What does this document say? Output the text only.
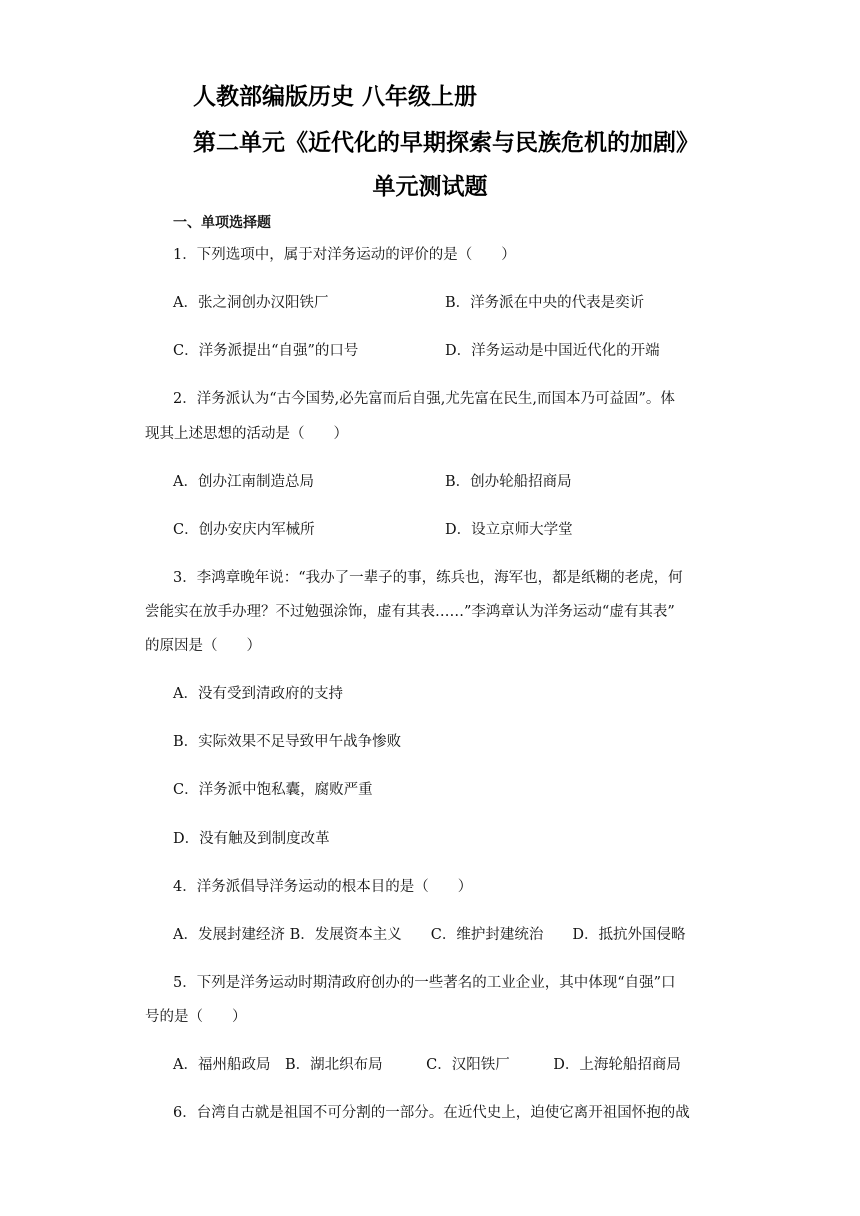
人教部编版历史 八年级上册
第二单元《近代化的早期探索与民族危机的加剧》
单元测试题
一、单项选择题
1．下列选项中，属于对洋务运动的评价的是（　　）
A．张之洞创办汉阳铁厂	B．洋务派在中央的代表是奕䜣
C．洋务派提出“自强”的口号	D．洋务运动是中国近代化的开端
2．洋务派认为“古今国势,必先富而后自强,尤先富在民生,而国本乃可益固”。体
现其上述思想的活动是（　　）
A．创办江南制造总局	B．创办轮船招商局
C．创办安庆内军械所	D．设立京师大学堂
3．李鸿章晚年说：“我办了一辈子的事，练兵也，海军也，都是纸糊的老虎，何
尝能实在放手办理？不过勉强涂饰，虚有其表……”李鸿章认为洋务运动“虚有其表”
的原因是（　　）
A．没有受到清政府的支持
B．实际效果不足导致甲午战争惨败
C．洋务派中饱私囊，腐败严重
D．没有触及到制度改革
4．洋务派倡导洋务运动的根本目的是（　　）
A．发展封建经济 B．发展资本主义　　C．维护封建统治　　D．抵抗外国侵略
5．下列是洋务运动时期清政府创办的一些著名的工业企业，其中体现“自强”口
号的是（　　）
A．福州船政局　B．湖北织布局　　　C．汉阳铁厂　　　D．上海轮船招商局
6．台湾自古就是祖国不可分割的一部分。在近代史上，迫使它离开祖国怀抱的战
